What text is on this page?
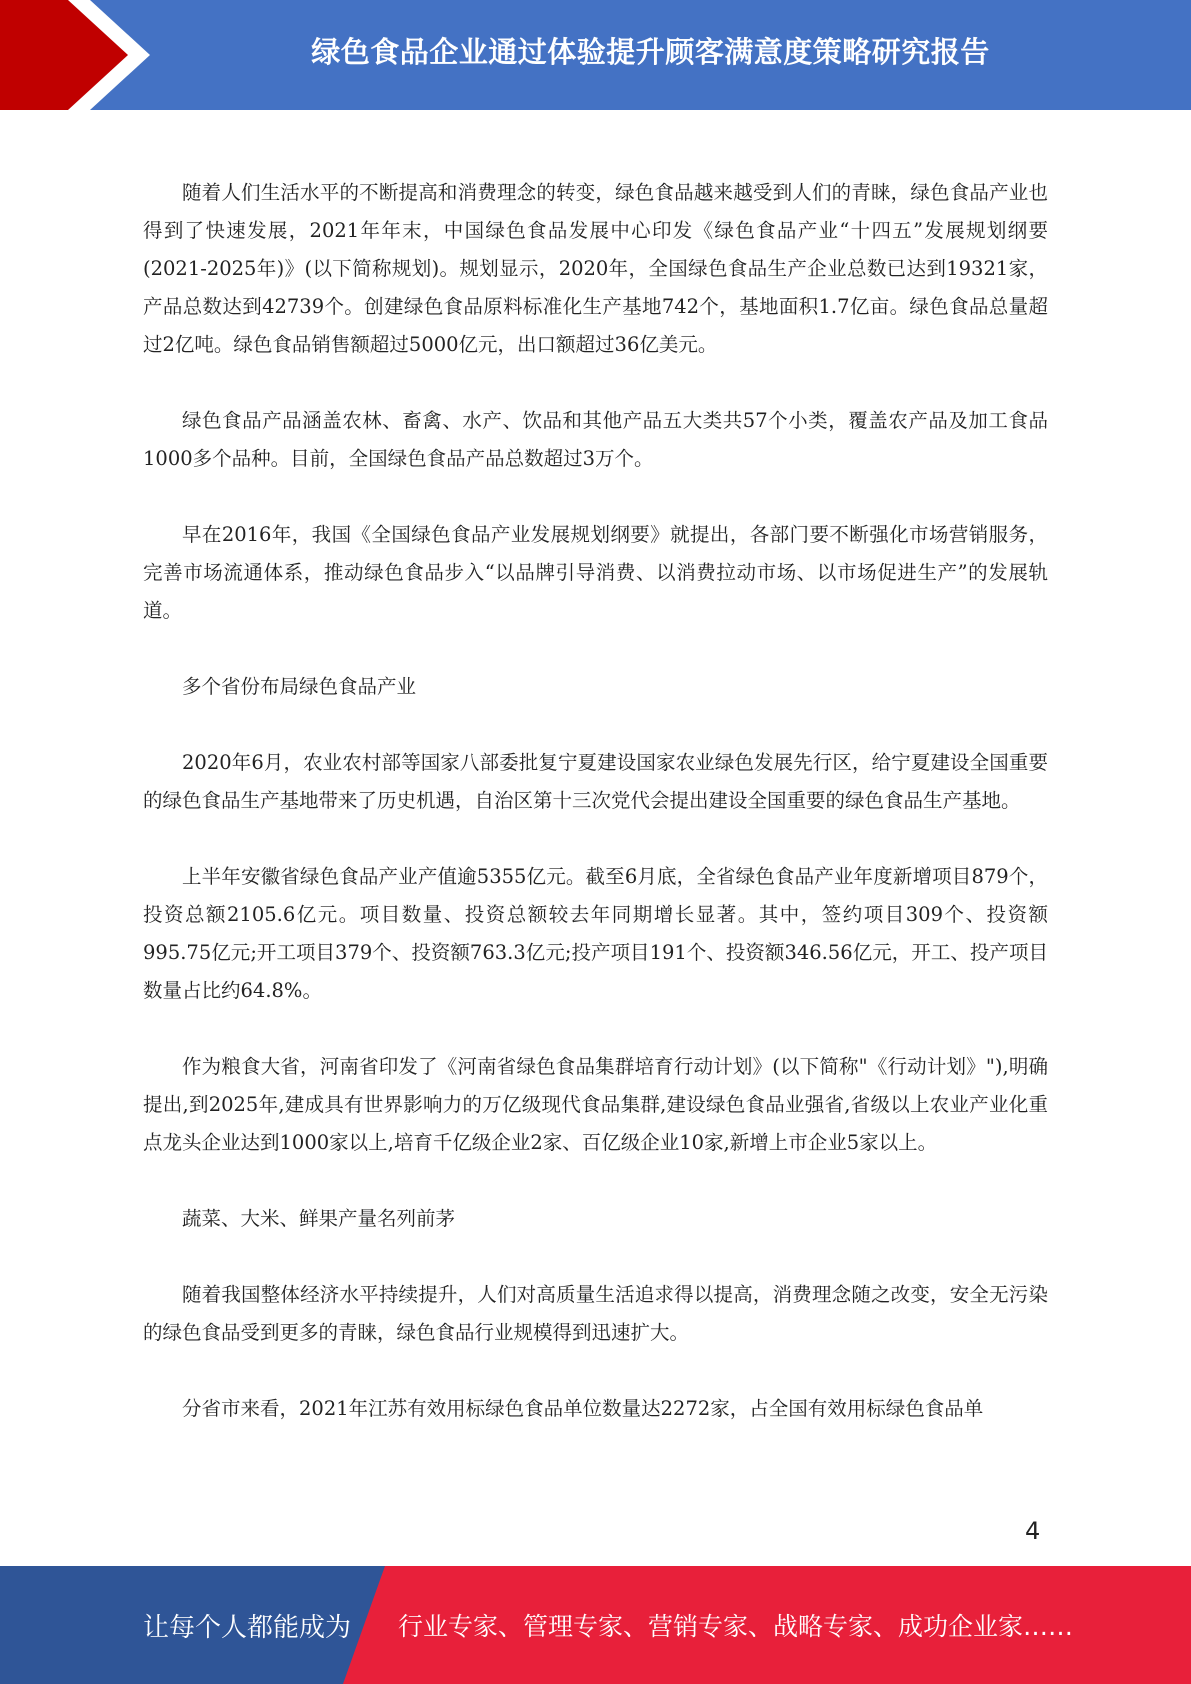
绿色食品企业通过体验提升顾客满意度策略研究报告

随着人们生活水平的不断提高和消费理念的转变，绿色食品越来越受到人们的青睐，绿色食品产业也得到了快速发展，2021年年末，中国绿色食品发展中心印发《绿色食品产业“十四五”发展规划纲要(2021-2025年)》(以下简称规划)。规划显示，2020年，全国绿色食品生产企业总数已达到19321家，产品总数达到42739个。创建绿色食品原料标准化生产基地742个，基地面积1.7亿亩。绿色食品总量超过2亿吨。绿色食品销售额超过5000亿元，出口额超过36亿美元。

绿色食品产品涵盖农林、畜禽、水产、饮品和其他产品五大类共57个小类，覆盖农产品及加工食品1000多个品种。目前，全国绿色食品产品总数超过3万个。

早在2016年，我国《全国绿色食品产业发展规划纲要》就提出，各部门要不断强化市场营销服务，完善市场流通体系，推动绿色食品步入“以品牌引导消费、以消费拉动市场、以市场促进生产”的发展轨道。

多个省份布局绿色食品产业

2020年6月，农业农村部等国家八部委批复宁夏建设国家农业绿色发展先行区，给宁夏建设全国重要的绿色食品生产基地带来了历史机遇，自治区第十三次党代会提出建设全国重要的绿色食品生产基地。

上半年安徽省绿色食品产业产值逾5355亿元。截至6月底，全省绿色食品产业年度新增项目879个，投资总额2105.6亿元。项目数量、投资总额较去年同期增长显著。其中，签约项目309个、投资额995.75亿元;开工项目379个、投资额763.3亿元;投产项目191个、投资额346.56亿元，开工、投产项目数量占比约64.8%。

作为粮食大省，河南省印发了《河南省绿色食品集群培育行动计划》(以下简称"《行动计划》"),明确提出,到2025年,建成具有世界影响力的万亿级现代食品集群,建设绿色食品业强省,省级以上农业产业化重点龙头企业达到1000家以上,培育千亿级企业2家、百亿级企业10家,新增上市企业5家以上。

蔬菜、大米、鲜果产量名列前茅

随着我国整体经济水平持续提升，人们对高质量生活追求得以提高，消费理念随之改变，安全无污染的绿色食品受到更多的青睐，绿色食品行业规模得到迅速扩大。

分省市来看，2021年江苏有效用标绿色食品单位数量达2272家，占全国有效用标绿色食品单

4
让每个人都能成为 行业专家、管理专家、营销专家、战略专家、成功企业家……
